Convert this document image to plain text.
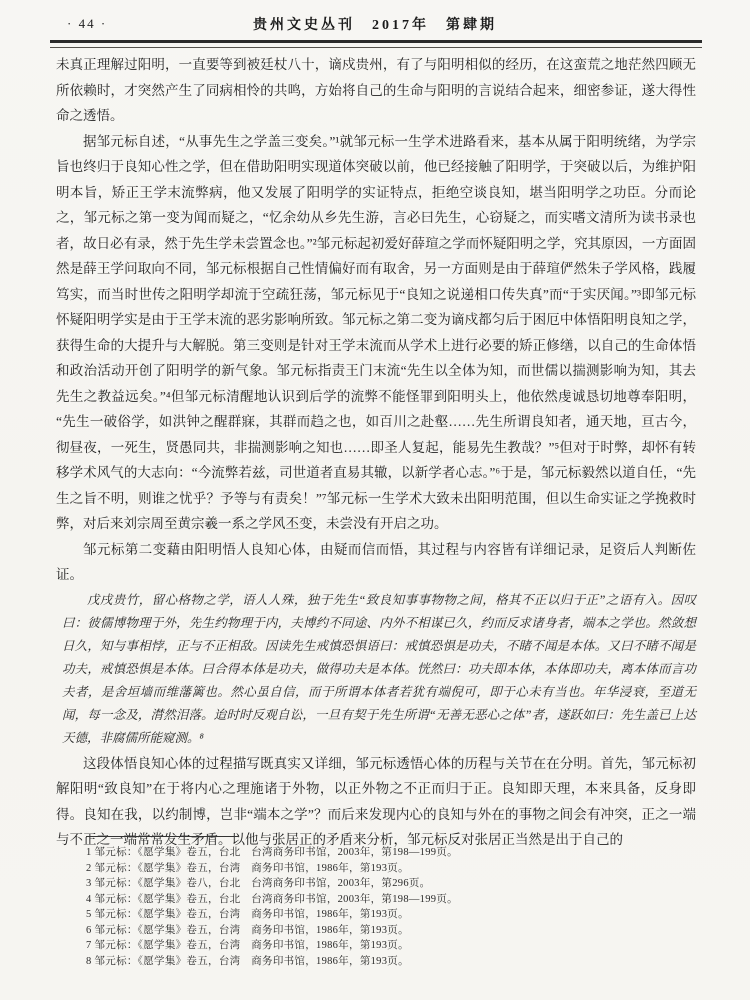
· 44 ·	贵州文史丛刊　2017年　第肆期

未真正理解过阳明，一直要等到被廷杖八十，谪戍贵州，有了与阳明相似的经历，在这蛮荒之地茫然四顾无所依赖时，才突然产生了同病相怜的共鸣，方始将自己的生命与阳明的言说结合起来，细密参证，遂大得性命之透悟。

据邹元标自述，“从事先生之学盖三变矣。”¹就邹元标一生学术进路看来，基本从属于阳明统绪，为学宗旨也终归于良知心性之学，但在借助阳明实现道体突破以前，他已经接触了阳明学，于突破以后，为维护阳明本旨，矫正王学末流弊病，他又发展了阳明学的实证特点，拒绝空谈良知，堪当阳明学之功臣。分而论之，邹元标之第一变为闻而疑之，“忆余幼从乡先生游，言必曰先生，心窃疑之，而实嗜文清所为读书录也者，故日必有录，然于先生学未尝置念也。”²邹元标起初爱好薛瑄之学而怀疑阳明之学，究其原因，一方面固然是薛王学问取向不同，邹元标根据自己性情偏好而有取舍，另一方面则是由于薛瑄俨然朱子学风格，践履笃实，而当时世传之阳明学却流于空疏狂荡，邹元标见于“良知之说递相口传失真”而“于实厌闻。”³即邹元标怀疑阳明学实是由于王学末流的恶劣影响所致。邹元标之第二变为谪戍都匀后于困厄中体悟阳明良知之学，获得生命的大提升与大解脱。第三变则是针对王学末流而从学术上进行必要的矫正修缮，以自己的生命体悟和政治活动开创了阳明学的新气象。邹元标指责王门末流“先生以全体为知，而世儒以揣测影响为知，其去先生之教益远矣。”⁴但邹元标清醒地认识到后学的流弊不能怪罪到阳明头上，他依然虔诚恳切地尊奉阳明，“先生一破俗学，如洪钟之醒群寐，其群而趋之也，如百川之赴壑……先生所谓良知者，通天地，亘古今，彻昼夜，一死生，贤愚同共，非揣测影响之知也……即圣人复起，能易先生教哉？”⁵但对于时弊，却怀有转移学术风气的大志向：“今流弊若兹，司世道者直易其辙，以新学者心志。”⁶于是，邹元标毅然以道自任，“先生之旨不明，则谁之忧乎？予等与有责矣！”⁷邹元标一生学术大致未出阳明范围，但以生命实证之学挽救时弊，对后来刘宗周至黄宗羲一系之学风丕变，未尝没有开启之功。

邹元标第二变藉由阳明悟人良知心体，由疑而信而悟，其过程与内容皆有详细记录，足资后人判断佐证。

戊戌贵竹，留心格物之学，语人人殊，独于先生“致良知事事物物之间，格其不正以归于正”之语有入。因叹曰：彼儒博物理于外，先生约物理于内，夫博约不同途、内外不相谋已久，约而反求诸身者，端本之学也。然敛想日久，知与事相悖，正与不正相敌。因读先生戒慎恐惧语曰：戒慎恐惧是功夫，不睹不闻是本体。又曰不睹不闻是功夫，戒慎恐惧是本体。曰合得本体是功夫，做得功夫是本体。恍然曰：功夫即本体，本体即功夫，离本体而言功夫者，是舍垣墙而维藩篱也。然心虽自信，而于所谓本体者若犹有端倪可，即于心未有当也。年华浸衰，至道无闻，每一念及，潸然泪落。迨时时反观自讼，一旦有契于先生所谓“无善无恶心之体”者，遂跃如曰：先生盖已上达天德，非腐儒所能窥测。⁸

这段体悟良知心体的过程描写既真实又详细，邹元标透悟心体的历程与关节在在分明。首先，邹元标初解阳明“致良知”在于将内心之理施诸于外物，以正外物之不正而归于正。良知即天理，本来具备，反身即得。良知在我，以约制博，岂非“端本之学”？而后来发现内心的良知与外在的事物之间会有冲突，正之一端与不正之一端常常发生矛盾。以他与张居正的矛盾来分析，邹元标反对张居正当然是出于自己的

1 邹元标：《愿学集》卷五，台北　台湾商务印书馆，2003年，第198—199页。

2 邹元标：《愿学集》卷五，台湾　商务印书馆，1986年，第193页。

3 邹元标：《愿学集》卷八，台北　台湾商务印书馆，2003年，第296页。

4 邹元标：《愿学集》卷五，台北　台湾商务印书馆，2003年，第198—199页。

5 邹元标：《愿学集》卷五，台湾　商务印书馆，1986年，第193页。

6 邹元标：《愿学集》卷五，台湾　商务印书馆，1986年，第193页。

7 邹元标：《愿学集》卷五，台湾　商务印书馆，1986年，第193页。

8 邹元标：《愿学集》卷五，台湾　商务印书馆，1986年，第193页。
